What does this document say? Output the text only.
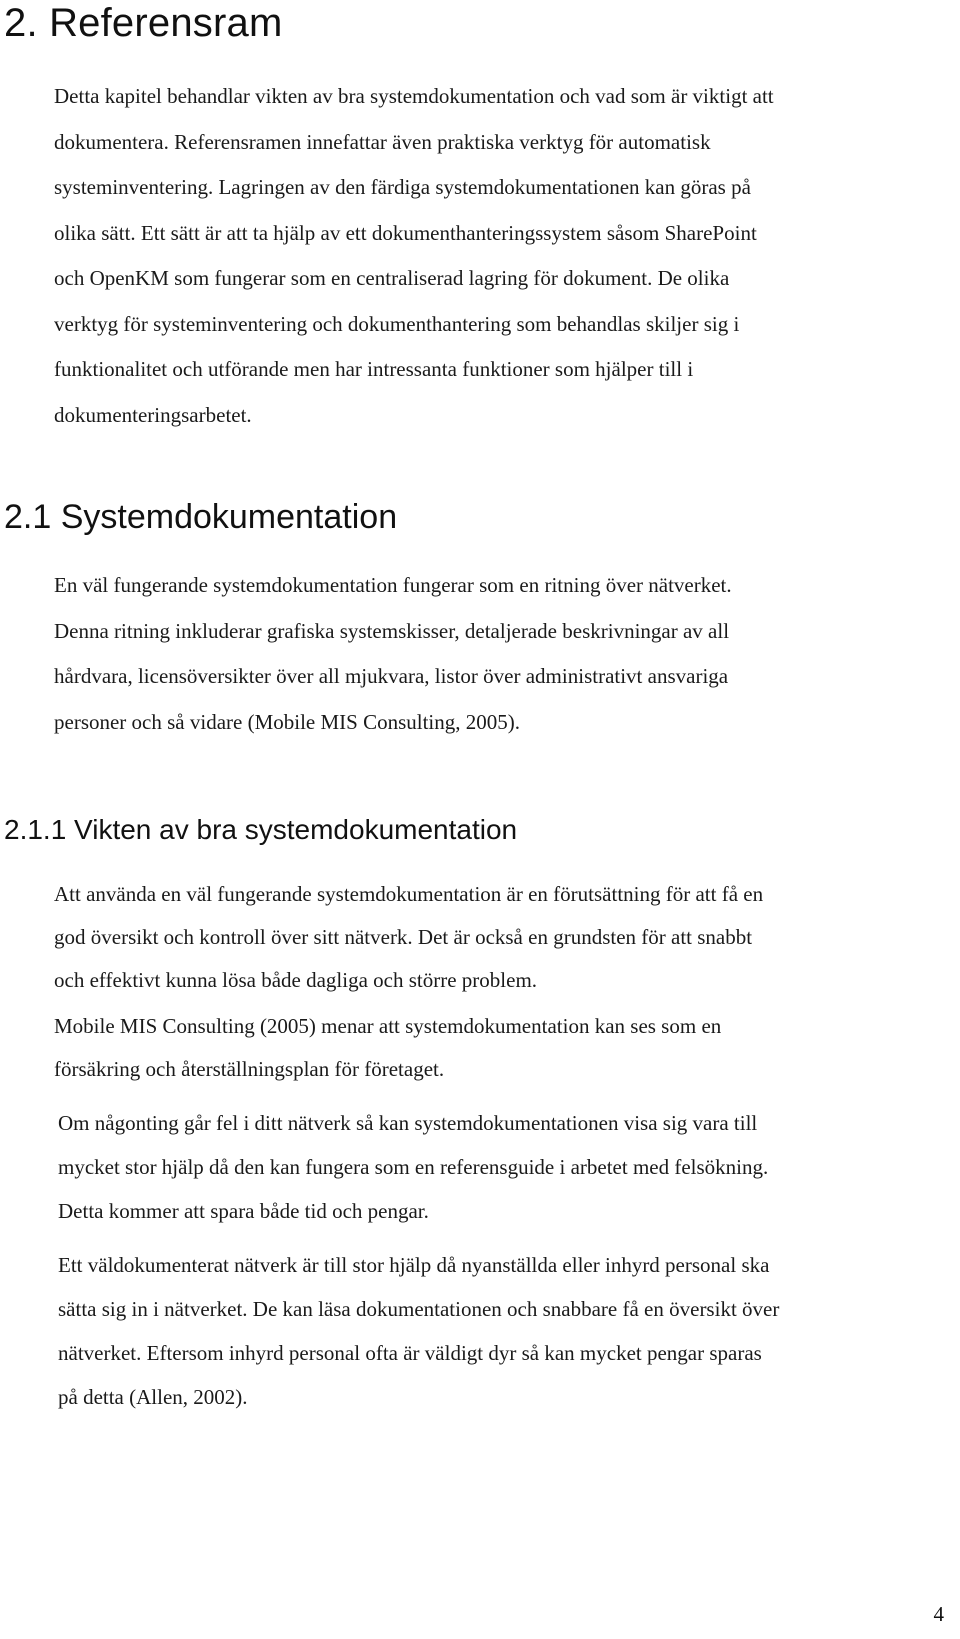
2. Referensram

Detta kapitel behandlar vikten av bra systemdokumentation och vad som är viktigt att
dokumentera. Referensramen innefattar även praktiska verktyg för automatisk
systeminventering. Lagringen av den färdiga systemdokumentationen kan göras på
olika sätt. Ett sätt är att ta hjälp av ett dokumenthanteringssystem såsom SharePoint
och OpenKM som fungerar som en centraliserad lagring för dokument. De olika
verktyg för systeminventering och dokumenthantering som behandlas skiljer sig i
funktionalitet och utförande men har intressanta funktioner som hjälper till i
dokumenteringsarbetet.

2.1 Systemdokumentation

En väl fungerande systemdokumentation fungerar som en ritning över nätverket.
Denna ritning inkluderar grafiska systemskisser, detaljerade beskrivningar av all
hårdvara, licensöversikter över all mjukvara, listor över administrativt ansvariga
personer och så vidare (Mobile MIS Consulting, 2005).

2.1.1 Vikten av bra systemdokumentation

Att använda en väl fungerande systemdokumentation är en förutsättning för att få en
god översikt och kontroll över sitt nätverk. Det är också en grundsten för att snabbt
och effektivt kunna lösa både dagliga och större problem.

Mobile MIS Consulting (2005) menar att systemdokumentation kan ses som en
försäkring och återställningsplan för företaget.

Om någonting går fel i ditt nätverk så kan systemdokumentationen visa sig vara till
mycket stor hjälp då den kan fungera som en referensguide i arbetet med felsökning.
Detta kommer att spara både tid och pengar.

Ett väldokumenterat nätverk är till stor hjälp då nyanställda eller inhyrd personal ska
sätta sig in i nätverket. De kan läsa dokumentationen och snabbare få en översikt över
nätverket. Eftersom inhyrd personal ofta är väldigt dyr så kan mycket pengar sparas
på detta (Allen, 2002).

4
